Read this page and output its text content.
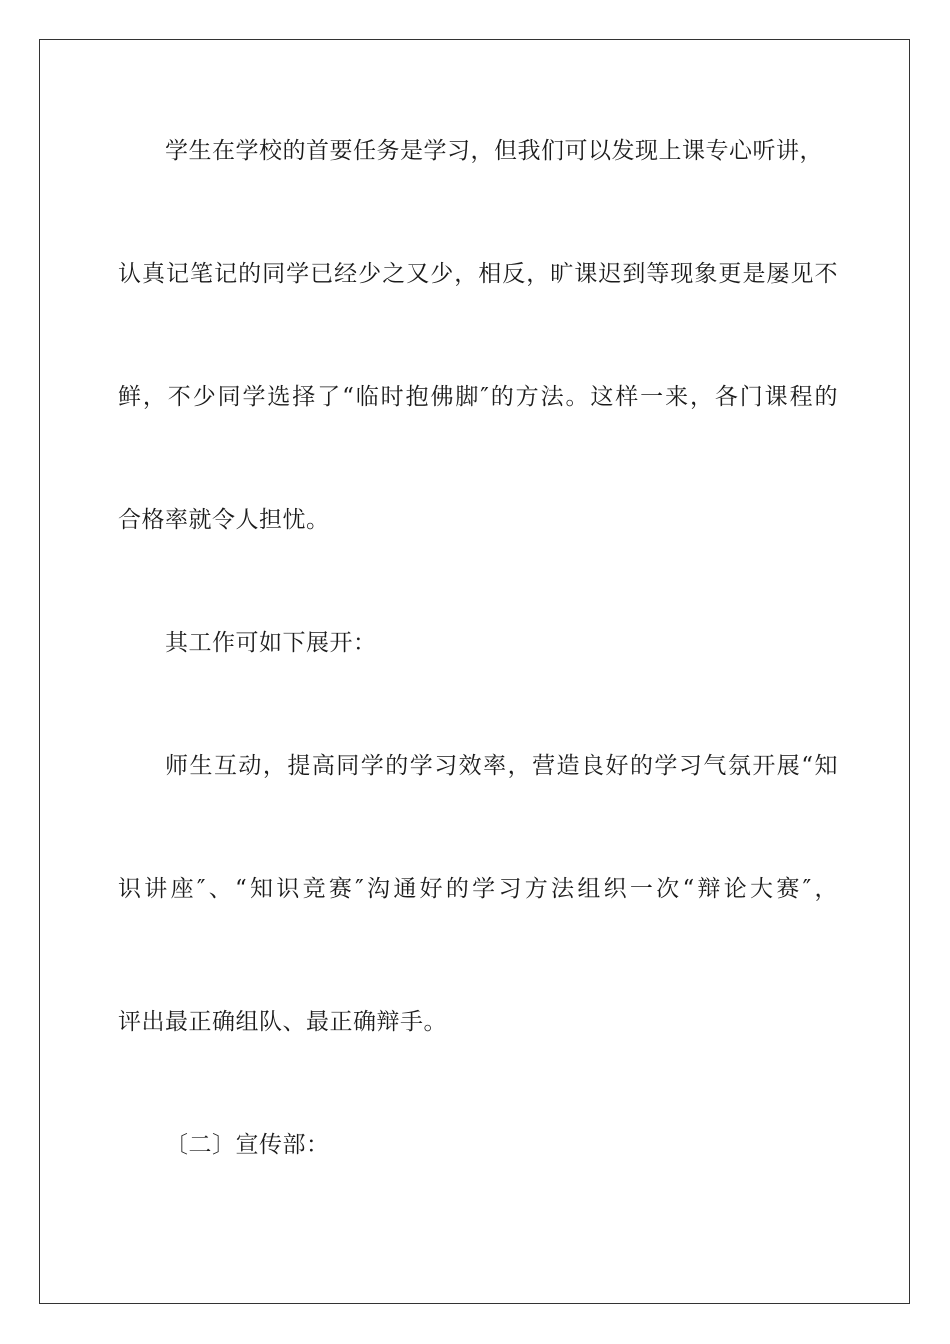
学生在学校的首要任务是学习，但我们可以发现上课专心听讲，
认真记笔记的同学已经少之又少，相反，旷课迟到等现象更是屡见不
鲜，不少同学选择了“临时抱佛脚″的方法。这样一来，各门课程的
合格率就令人担忧。
其工作可如下展开：
师生互动，提高同学的学习效率，营造良好的学习气氛开展“知
识讲座″、“知识竞赛″沟通好的学习方法组织一次“辩论大赛″，
评出最正确组队、最正确辩手。
〔二〕宣传部：
